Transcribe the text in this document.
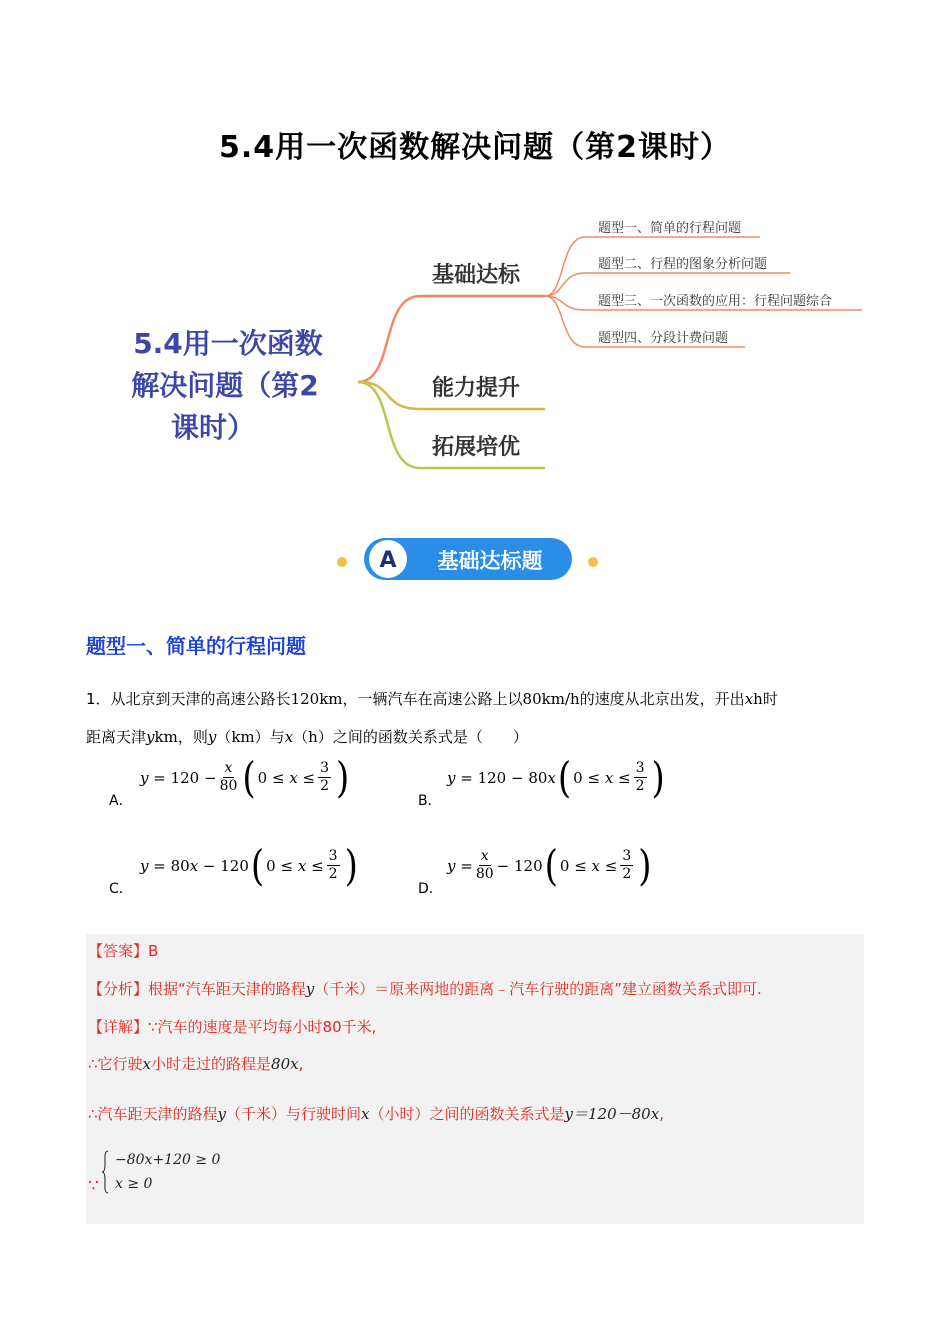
5.4用一次函数解决问题（第2课时）
5.4用一次函数
解决问题（第2
课时）
基础达标
能力提升
拓展培优
题型一、简单的行程问题
题型二、行程的图象分析问题
题型三、一次函数的应用：行程问题综合
题型四、分段计费问题
A 基础达标题
题型一、简单的行程问题
1．从北京到天津的高速公路长120km，一辆汽车在高速公路上以80km/h的速度从北京出发，开出xh时
距离天津ykm，则y（km）与x（h）之间的函数关系式是（　　）
A．
$y = 120 - \frac{x}{80}$ ( $0 \le x \le \frac{3}{2}$ )	B．
y = 120 − 80 x ( $0 \le x \le \frac{3}{2}$ )
C．
y = 80 x − 120 ( $0 \le x \le \frac{3}{2}$ )	D．
$y = \frac{x}{80} - 120$ ( $0 \le x \le \frac{3}{2}$ )
【答案】B
【分析】根据“汽车距天津的路程y（千米）＝原来两地的距离﹣汽车行驶的距离”建立函数关系式即可.
【详解】∵汽车的速度是平均每小时80千米,
∴它行驶x小时走过的路程是80x,
∴汽车距天津的路程y（千米）与行驶时间x（小时）之间的函数关系式是y＝120－80x,
∵
−80x+120 ≥ 0
x ≥ 0
